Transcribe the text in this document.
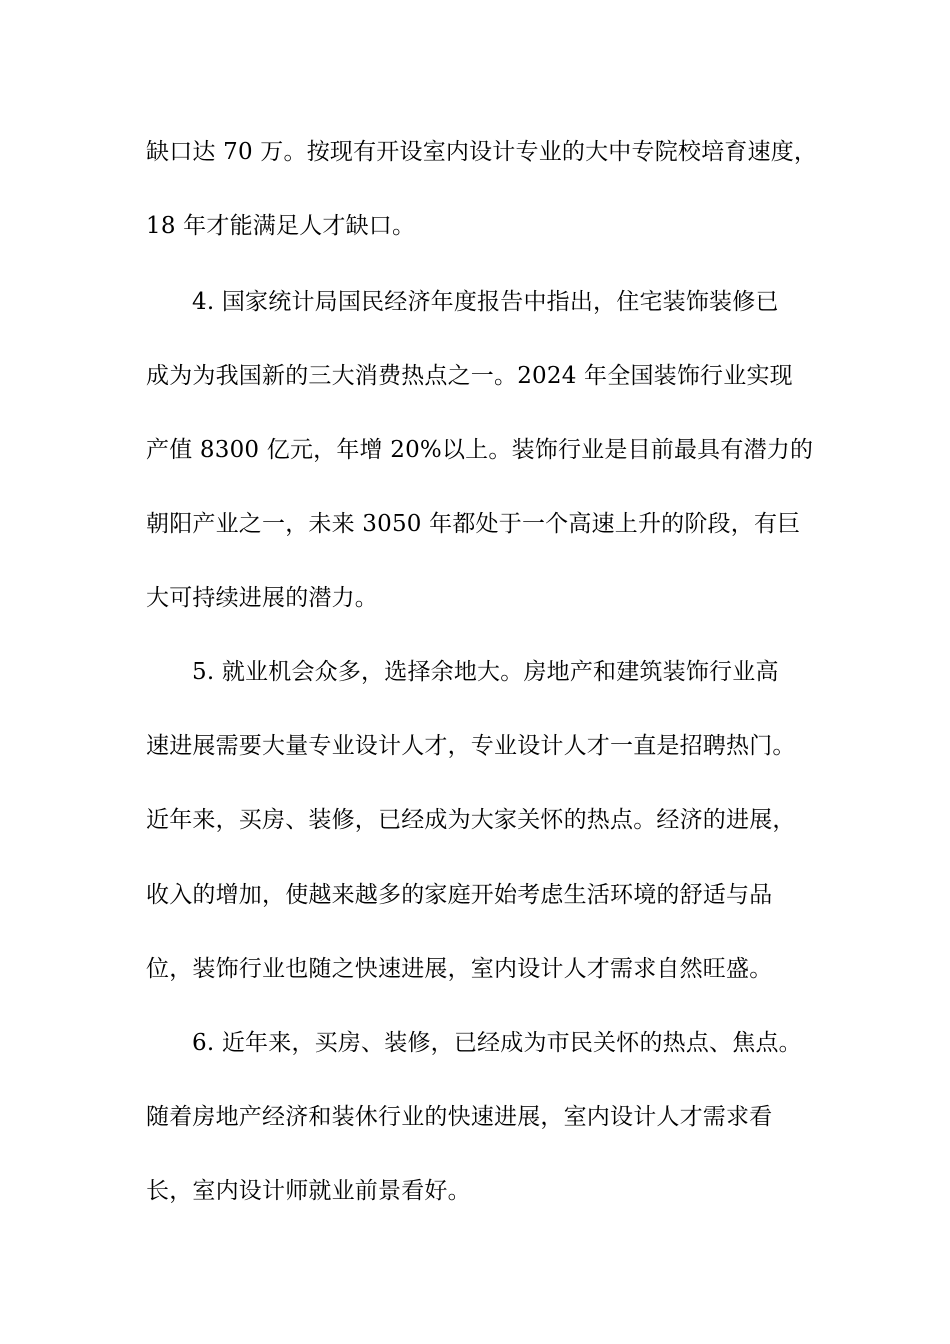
缺口达 70 万。按现有开设室内设计专业的大中专院校培育速度，
18 年才能满足人才缺口。
4. 国家统计局国民经济年度报告中指出，住宅装饰装修已
成为为我国新的三大消费热点之一。2024 年全国装饰行业实现
产值 8300 亿元，年增 20%以上。装饰行业是目前最具有潜力的
朝阳产业之一，未来 3050 年都处于一个高速上升的阶段，有巨
大可持续进展的潜力。
5. 就业机会众多，选择余地大。房地产和建筑装饰行业高
速进展需要大量专业设计人才，专业设计人才一直是招聘热门。
近年来，买房、装修，已经成为大家关怀的热点。经济的进展，
收入的增加，使越来越多的家庭开始考虑生活环境的舒适与品
位，装饰行业也随之快速进展，室内设计人才需求自然旺盛。
6. 近年来，买房、装修，已经成为市民关怀的热点、焦点。
随着房地产经济和装休行业的快速进展，室内设计人才需求看
长，室内设计师就业前景看好。
